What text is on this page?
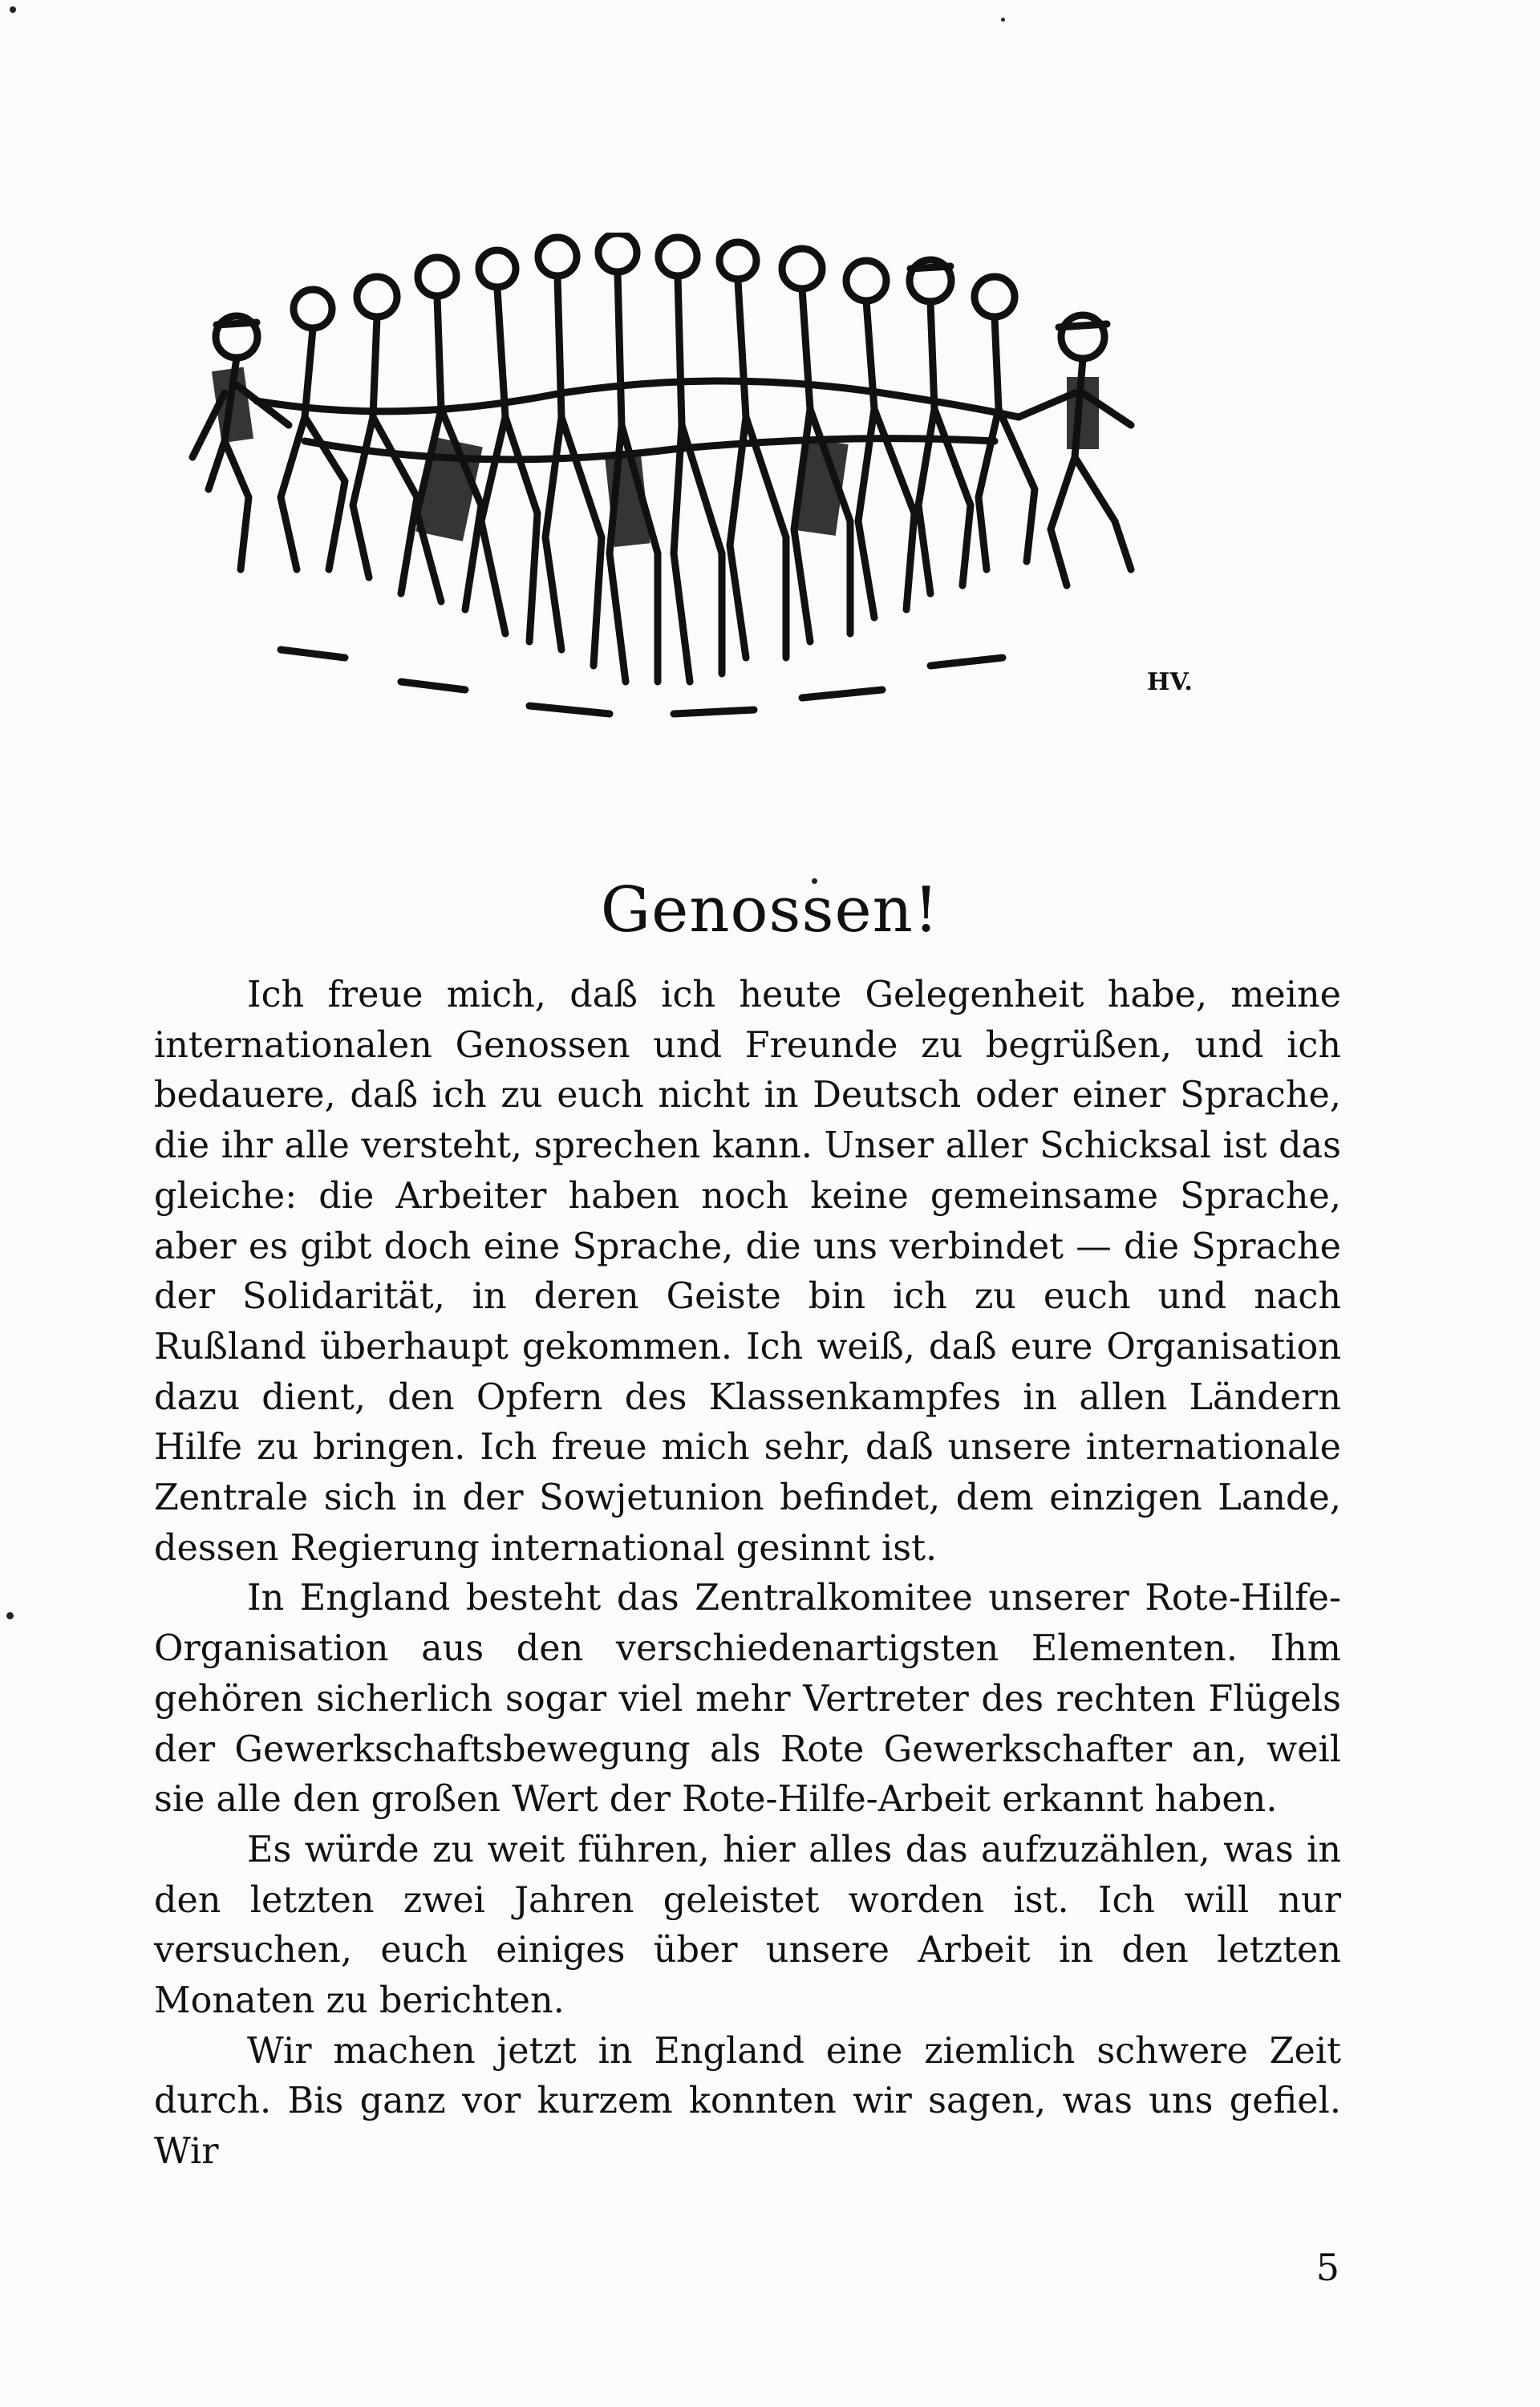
HV.
Genossen!

Ich freue mich, daß ich heute Gelegenheit habe, meine internationalen Genossen und Freunde zu begrüßen, und ich bedauere, daß ich zu euch nicht in Deutsch oder einer Sprache, die ihr alle versteht, sprechen kann. Unser aller Schicksal ist das gleiche: die Arbeiter haben noch keine gemeinsame Sprache, aber es gibt doch eine Sprache, die uns verbindet — die Sprache der Solidarität, in deren Geiste bin ich zu euch und nach Rußland überhaupt gekommen. Ich weiß, daß eure Organisation dazu dient, den Opfern des Klassenkampfes in allen Ländern Hilfe zu bringen. Ich freue mich sehr, daß unsere internationale Zentrale sich in der Sowjetunion befindet, dem einzigen Lande, dessen Regierung international gesinnt ist.

In England besteht das Zentralkomitee unserer Rote-Hilfe-Organisation aus den verschiedenartigsten Elementen. Ihm gehören sicherlich sogar viel mehr Vertreter des rechten Flügels der Gewerkschaftsbewegung als Rote Gewerkschafter an, weil sie alle den großen Wert der Rote-Hilfe-Arbeit erkannt haben.

Es würde zu weit führen, hier alles das aufzuzählen, was in den letzten zwei Jahren geleistet worden ist. Ich will nur versuchen, euch einiges über unsere Arbeit in den letzten Monaten zu berichten.

Wir machen jetzt in England eine ziemlich schwere Zeit durch. Bis ganz vor kurzem konnten wir sagen, was uns gefiel. Wir

5
